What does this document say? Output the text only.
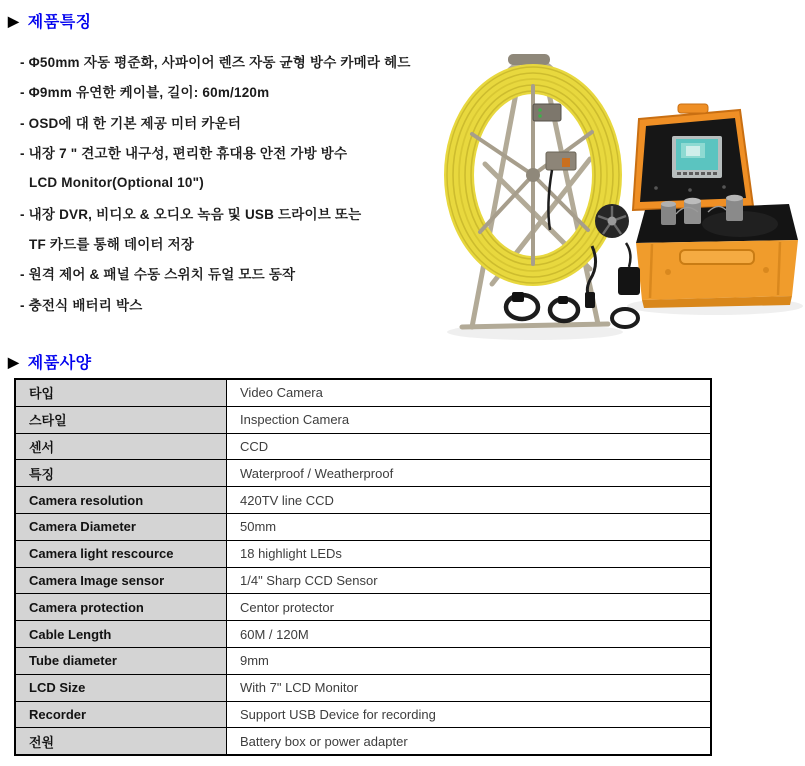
▶ 제품특징
- Φ50mm 자동 평준화, 사파이어 렌즈 자동 균형 방수 카메라 헤드
- Φ9mm 유연한 케이블, 길이: 60m/120m
- OSD에 대 한 기본 제공 미터 카운터
- 내장 7 " 견고한 내구성, 편리한 휴대용 안전 가방 방수
LCD Monitor(Optional 10")
- 내장 DVR, 비디오 & 오디오 녹음 및 USB 드라이브 또는
TF 카드를 통해 데이터 저장
- 원격 제어 & 패널 수동 스위치 듀얼 모드 동작
- 충전식 배터리 박스
▶ 제품사양
타입	Video Camera
스타일	Inspection Camera
센서	CCD
특징	Waterproof / Weatherproof
Camera resolution	420TV line CCD
Camera Diameter	50mm
Camera light rescource	18 highlight LEDs
Camera Image sensor	1/4" Sharp CCD Sensor
Camera protection	Centor protector
Cable Length	60M / 120M
Tube diameter	9mm
LCD Size	With 7" LCD Monitor
Recorder	Support USB Device for recording
전원	Battery box or power adapter
